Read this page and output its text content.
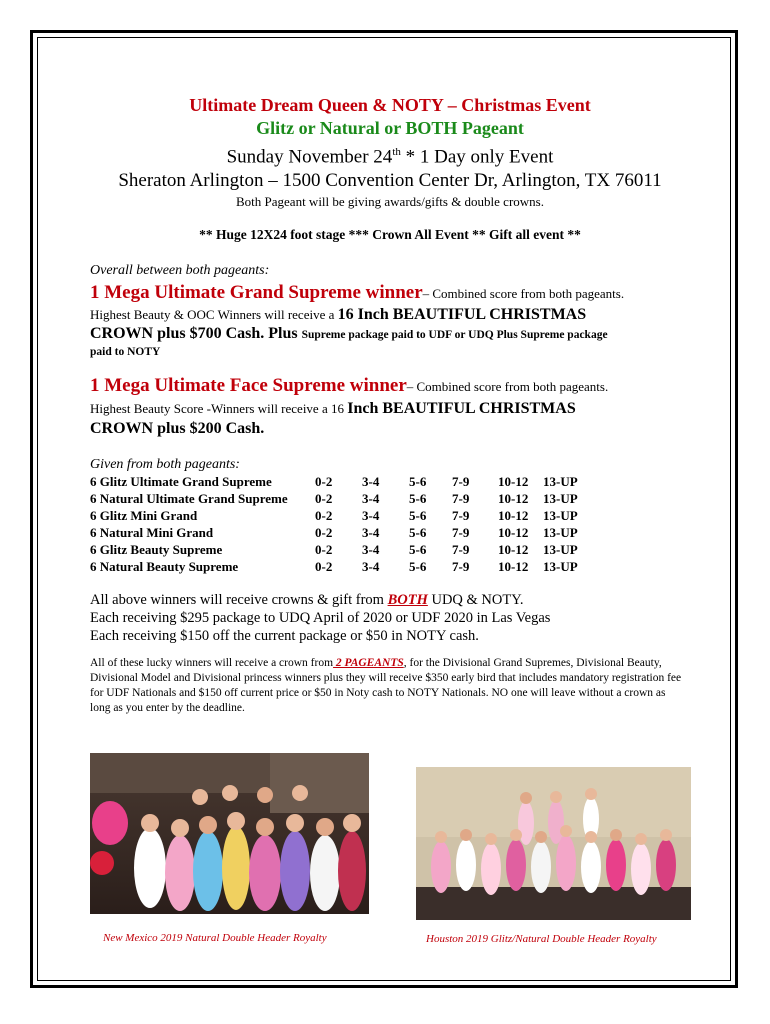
Ultimate Dream Queen & NOTY – Christmas Event
Glitz or Natural or BOTH Pageant
Sunday November 24th * 1 Day only Event
Sheraton Arlington – 1500 Convention Center Dr, Arlington, TX 76011
Both Pageant will be giving awards/gifts & double crowns.
** Huge 12X24 foot stage *** Crown All Event ** Gift all event **
Overall between both pageants:
1 Mega Ultimate Grand Supreme winner– Combined score from both pageants.
Highest Beauty & OOC Winners will receive a 16 Inch BEAUTIFUL CHRISTMAS
CROWN plus $700 Cash. Plus Supreme package paid to UDF or UDQ Plus Supreme package
paid to NOTY
1 Mega Ultimate Face Supreme winner– Combined score from both pageants.
Highest Beauty Score -Winners will receive a 16 Inch BEAUTIFUL CHRISTMAS
CROWN plus $200 Cash.
Given from both pageants:
6 Glitz Ultimate Grand Supreme	0-2	3-4	5-6	7-9	10-12	13-UP
6 Natural Ultimate Grand Supreme	0-2	3-4	5-6	7-9	10-12	13-UP
6 Glitz Mini Grand	0-2	3-4	5-6	7-9	10-12	13-UP
6 Natural Mini Grand	0-2	3-4	5-6	7-9	10-12	13-UP
6 Glitz Beauty Supreme	0-2	3-4	5-6	7-9	10-12	13-UP
6 Natural Beauty Supreme	0-2	3-4	5-6	7-9	10-12	13-UP
All above winners will receive crowns & gift from BOTH UDQ & NOTY.
Each receiving $295 package to UDQ April of 2020 or UDF 2020 in Las Vegas
Each receiving $150 off the current package or $50 in NOTY cash.
All of these lucky winners will receive a crown from 2 PAGEANTS, for the Divisional Grand Supremes, Divisional Beauty, Divisional Model and Divisional princess winners plus they will receive $350 early bird that includes mandatory registration fee for UDF Nationals and $150 off current price or $50 in Noty cash to NOTY Nationals. NO one will leave without a crown as long as you enter by the deadline.
New Mexico 2019 Natural Double Header Royalty	Houston 2019 Glitz/Natural Double Header Royalty
